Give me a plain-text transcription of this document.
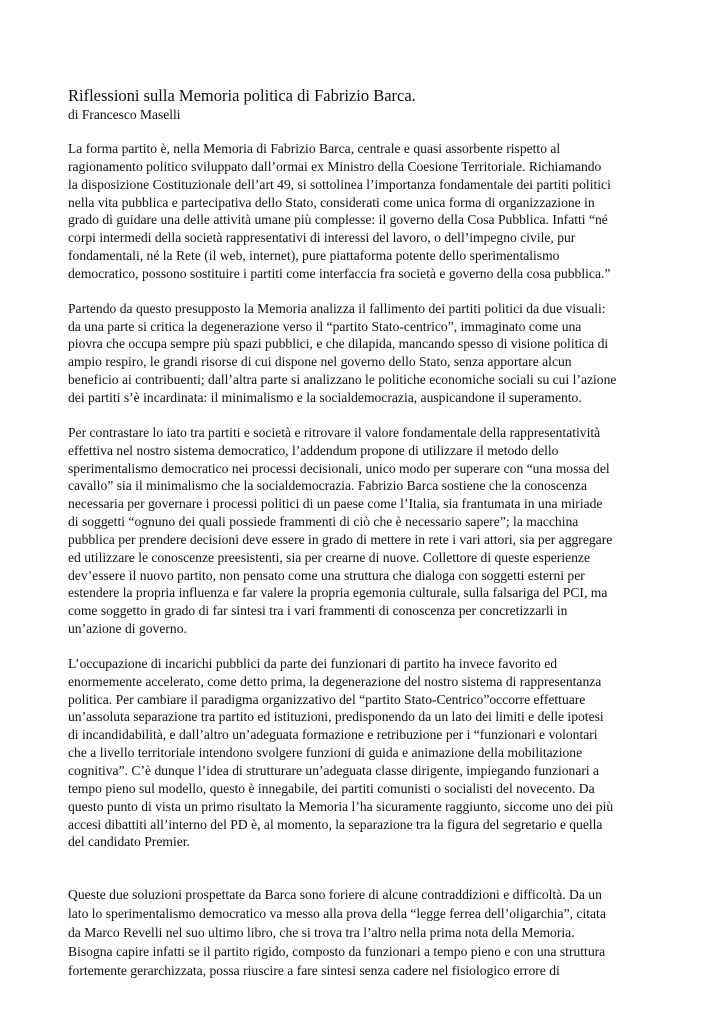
Riflessioni sulla Memoria politica di Fabrizio Barca.
di Francesco Maselli
La forma partito è, nella Memoria di Fabrizio Barca, centrale e quasi assorbente rispetto al
ragionamento politico sviluppato dall’ormai ex Ministro della Coesione Territoriale. Richiamando
la disposizione Costituzionale dell’art 49, si sottolinea l’importanza fondamentale dei partiti politici
nella vita pubblica e partecipativa dello Stato, considerati come unica forma di organizzazione in
grado di guidare una delle attività umane più complesse: il governo della Cosa Pubblica. Infatti “né
corpi intermedi della società rappresentativi di interessi del lavoro, o dell’impegno civile, pur
fondamentali, né la Rete (il web, internet), pure piattaforma potente dello sperimentalismo
democratico, possono sostituire i partiti come interfaccia fra società e governo della cosa pubblica.”
Partendo da questo presupposto la Memoria analizza il fallimento dei partiti politici da due visuali:
da una parte si critica la degenerazione verso il “partito Stato-centrico”, immaginato come una
piovra che occupa sempre più spazi pubblici, e che dilapida, mancando spesso di visione politica di
ampio respiro, le grandi risorse di cui dispone nel governo dello Stato, senza apportare alcun
beneficio ai contribuenti; dall’altra parte si analizzano le politiche economiche sociali su cui l’azione
dei partiti s’è incardinata: il minimalismo e la socialdemocrazia, auspicandone il superamento.
Per contrastare lo iato tra partiti e società e ritrovare il valore fondamentale della rappresentatività
effettiva nel nostro sistema democratico, l’addendum propone di utilizzare il metodo dello
sperimentalismo democratico nei processi decisionali, unico modo per superare con “una mossa del
cavallo” sia il minimalismo che la socialdemocrazia. Fabrizio Barca sostiene che la conoscenza
necessaria per governare i processi politici di un paese come l’Italia, sia frantumata in una miriade
di soggetti “ognuno dei quali possiede frammenti di ciò che è necessario sapere”; la macchina
pubblica per prendere decisioni deve essere in grado di mettere in rete i vari attori, sia per aggregare
ed utilizzare le conoscenze preesistenti, sia per crearne di nuove. Collettore di queste esperienze
dev’essere il nuovo partito, non pensato come una struttura che dialoga con soggetti esterni per
estendere la propria influenza e far valere la propria egemonia culturale, sulla falsariga del PCI, ma
come soggetto in grado di far sintesi tra i vari frammenti di conoscenza per concretizzarli in
un’azione di governo.
L’occupazione di incarichi pubblici da parte dei funzionari di partito ha invece favorito ed
enormemente accelerato, come detto prima, la degenerazione del nostro sistema di rappresentanza
politica. Per cambiare il paradigma organizzativo del “partito Stato-Centrico”occorre effettuare
un’assoluta separazione tra partito ed istituzioni, predisponendo da un lato dei limiti e delle ipotesi
di incandidabilità, e dall’altro un’adeguata formazione e retribuzione per i “funzionari e volontari
che a livello territoriale intendono svolgere funzioni di guida e animazione della mobilitazione
cognitiva”. C’è dunque l’idea di strutturare un’adeguata classe dirigente, impiegando funzionari a
tempo pieno sul modello, questo è innegabile, dei partiti comunisti o socialisti del novecento. Da
questo punto di vista un primo risultato la Memoria l’ha sicuramente raggiunto, siccome uno dei più
accesi dibattiti all’interno del PD è, al momento, la separazione tra la figura del segretario e quella
del candidato Premier.
Queste due soluzioni prospettate da Barca sono foriere di alcune contraddizioni e difficoltà. Da un
lato lo sperimentalismo democratico va messo alla prova della “legge ferrea dell’oligarchia”, citata
da Marco Revelli nel suo ultimo libro, che si trova tra l’altro nella prima nota della Memoria.
Bisogna capire infatti se il partito rigido, composto da funzionari a tempo pieno e con una struttura
fortemente gerarchizzata, possa riuscire a fare sintesi senza cadere nel fisiologico errore di
